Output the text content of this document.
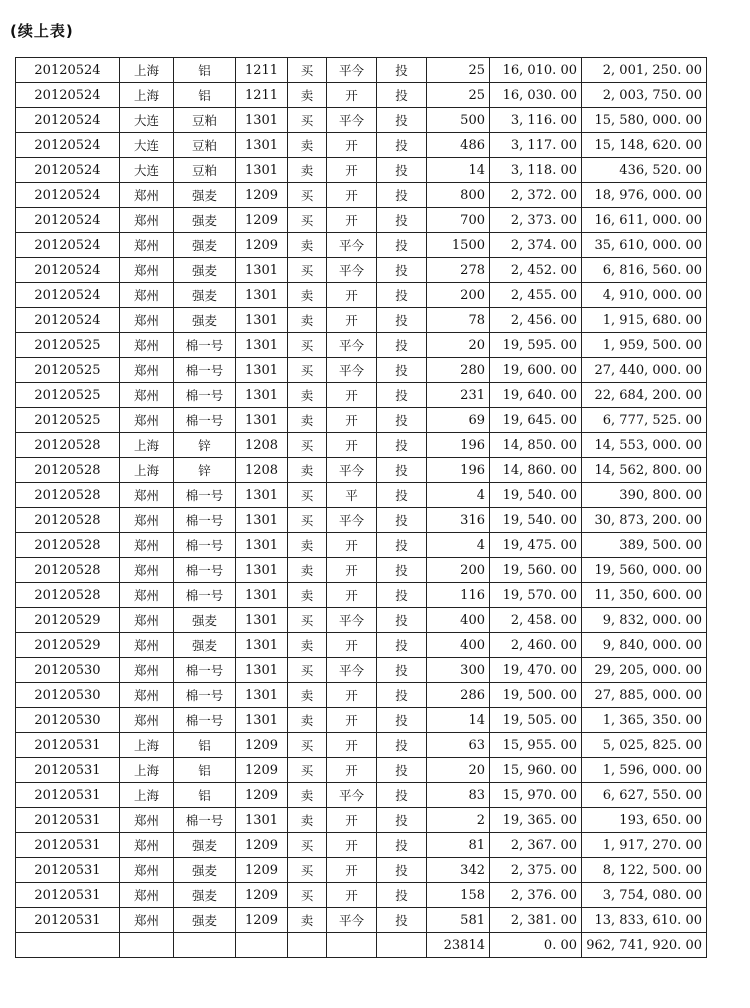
(续上表)
20120524	上海	铝	1211	买	平今	投	25	16, 010. 00	2, 001, 250. 00
20120524	上海	铝	1211	卖	开	投	25	16, 030. 00	2, 003, 750. 00
20120524	大连	豆粕	1301	买	平今	投	500	3, 116. 00	15, 580, 000. 00
20120524	大连	豆粕	1301	卖	开	投	486	3, 117. 00	15, 148, 620. 00
20120524	大连	豆粕	1301	卖	开	投	14	3, 118. 00	436, 520. 00
20120524	郑州	强麦	1209	买	开	投	800	2, 372. 00	18, 976, 000. 00
20120524	郑州	强麦	1209	买	开	投	700	2, 373. 00	16, 611, 000. 00
20120524	郑州	强麦	1209	卖	平今	投	1500	2, 374. 00	35, 610, 000. 00
20120524	郑州	强麦	1301	买	平今	投	278	2, 452. 00	6, 816, 560. 00
20120524	郑州	强麦	1301	卖	开	投	200	2, 455. 00	4, 910, 000. 00
20120524	郑州	强麦	1301	卖	开	投	78	2, 456. 00	1, 915, 680. 00
20120525	郑州	棉一号	1301	买	平今	投	20	19, 595. 00	1, 959, 500. 00
20120525	郑州	棉一号	1301	买	平今	投	280	19, 600. 00	27, 440, 000. 00
20120525	郑州	棉一号	1301	卖	开	投	231	19, 640. 00	22, 684, 200. 00
20120525	郑州	棉一号	1301	卖	开	投	69	19, 645. 00	6, 777, 525. 00
20120528	上海	锌	1208	买	开	投	196	14, 850. 00	14, 553, 000. 00
20120528	上海	锌	1208	卖	平今	投	196	14, 860. 00	14, 562, 800. 00
20120528	郑州	棉一号	1301	买	平	投	4	19, 540. 00	390, 800. 00
20120528	郑州	棉一号	1301	买	平今	投	316	19, 540. 00	30, 873, 200. 00
20120528	郑州	棉一号	1301	卖	开	投	4	19, 475. 00	389, 500. 00
20120528	郑州	棉一号	1301	卖	开	投	200	19, 560. 00	19, 560, 000. 00
20120528	郑州	棉一号	1301	卖	开	投	116	19, 570. 00	11, 350, 600. 00
20120529	郑州	强麦	1301	买	平今	投	400	2, 458. 00	9, 832, 000. 00
20120529	郑州	强麦	1301	卖	开	投	400	2, 460. 00	9, 840, 000. 00
20120530	郑州	棉一号	1301	买	平今	投	300	19, 470. 00	29, 205, 000. 00
20120530	郑州	棉一号	1301	卖	开	投	286	19, 500. 00	27, 885, 000. 00
20120530	郑州	棉一号	1301	卖	开	投	14	19, 505. 00	1, 365, 350. 00
20120531	上海	铝	1209	买	开	投	63	15, 955. 00	5, 025, 825. 00
20120531	上海	铝	1209	买	开	投	20	15, 960. 00	1, 596, 000. 00
20120531	上海	铝	1209	卖	平今	投	83	15, 970. 00	6, 627, 550. 00
20120531	郑州	棉一号	1301	卖	开	投	2	19, 365. 00	193, 650. 00
20120531	郑州	强麦	1209	买	开	投	81	2, 367. 00	1, 917, 270. 00
20120531	郑州	强麦	1209	买	开	投	342	2, 375. 00	8, 122, 500. 00
20120531	郑州	强麦	1209	买	开	投	158	2, 376. 00	3, 754, 080. 00
20120531	郑州	强麦	1209	卖	平今	投	581	2, 381. 00	13, 833, 610. 00
							23814	0. 00	962, 741, 920. 00
